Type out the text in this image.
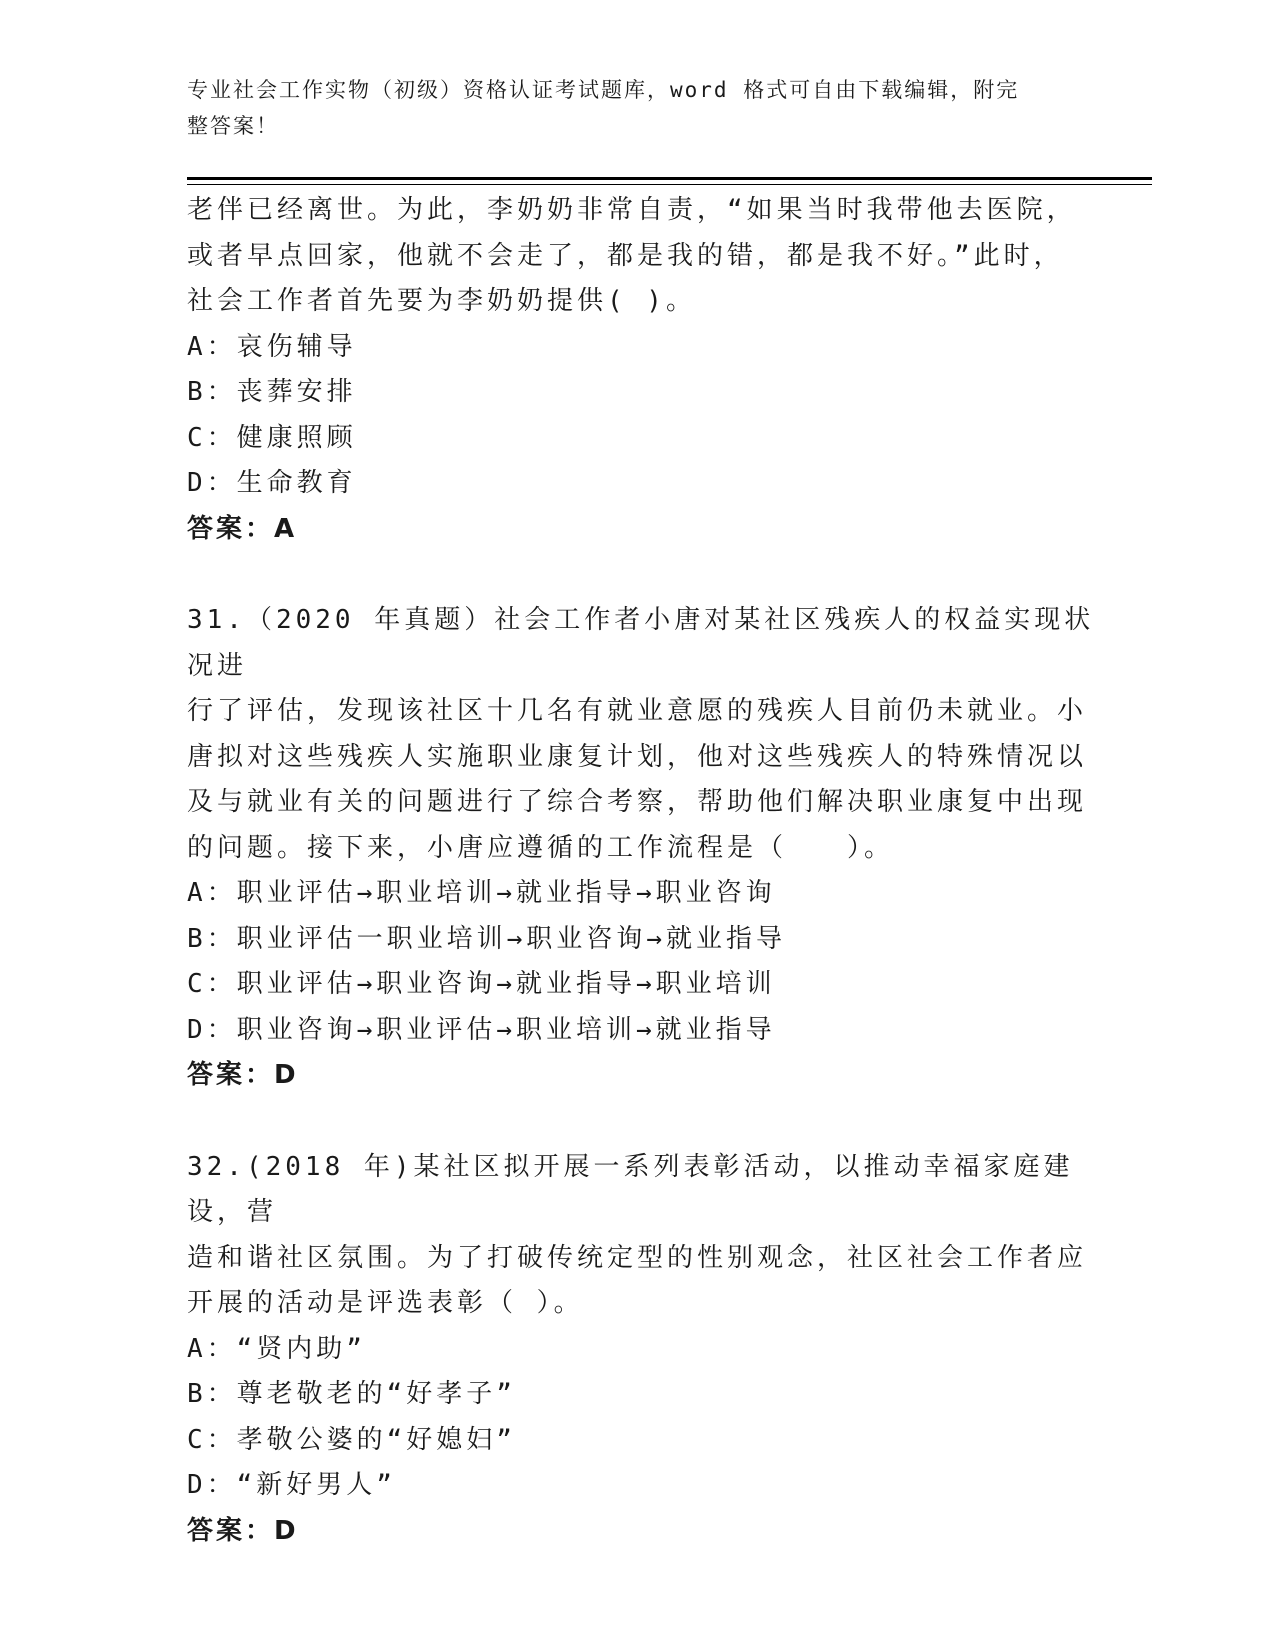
专业社会工作实物（初级）资格认证考试题库，word 格式可自由下载编辑，附完
整答案！

老伴已经离世。为此，李奶奶非常自责，“如果当时我带他去医院，

或者早点回家，他就不会走了，都是我的错，都是我不好。”此时，

社会工作者首先要为李奶奶提供( )。

A：哀伤辅导

B：丧葬安排

C：健康照顾

D：生命教育

答案：A

31.（2020 年真题）社会工作者小唐对某社区残疾人的权益实现状况进

行了评估，发现该社区十几名有就业意愿的残疾人目前仍未就业。小

唐拟对这些残疾人实施职业康复计划，他对这些残疾人的特殊情况以

及与就业有关的问题进行了综合考察，帮助他们解决职业康复中出现

的问题。接下来，小唐应遵循的工作流程是（　　）。

A：职业评估→职业培训→就业指导→职业咨询

B：职业评估一职业培训→职业咨询→就业指导

C：职业评估→职业咨询→就业指导→职业培训

D：职业咨询→职业评估→职业培训→就业指导

答案：D

32.(2018 年)某社区拟开展一系列表彰活动，以推动幸福家庭建设，营

造和谐社区氛围。为了打破传统定型的性别观念，社区社会工作者应

开展的活动是评选表彰（ ）。

A：“贤内助”

B：尊老敬老的“好孝子”

C：孝敬公婆的“好媳妇”

D：“新好男人”

答案：D
